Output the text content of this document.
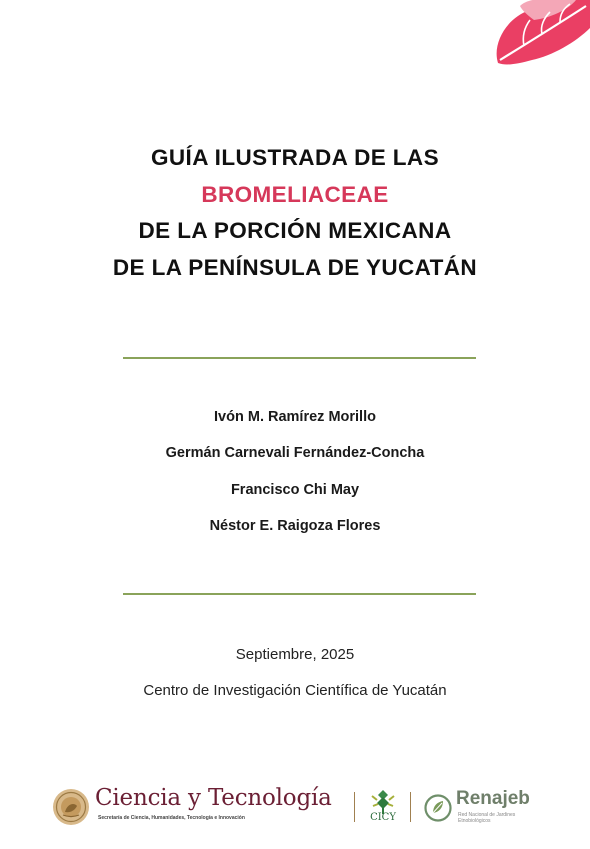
GUÍA ILUSTRADA DE LAS
BROMELIACEAE
DE LA PORCIÓN MEXICANA
DE LA PENÍNSULA DE YUCATÁN
Ivón M. Ramírez Morillo
Germán Carnevali Fernández-Concha
Francisco Chi May
Néstor E. Raigoza Flores
Septiembre, 2025
Centro de Investigación Científica de Yucatán
Ciencia y Tecnología
Secretaría de Ciencia, Humanidades, Tecnología e Innovación	CICY
Renajeb
Red Nacional de Jardines Etnobiológicos
